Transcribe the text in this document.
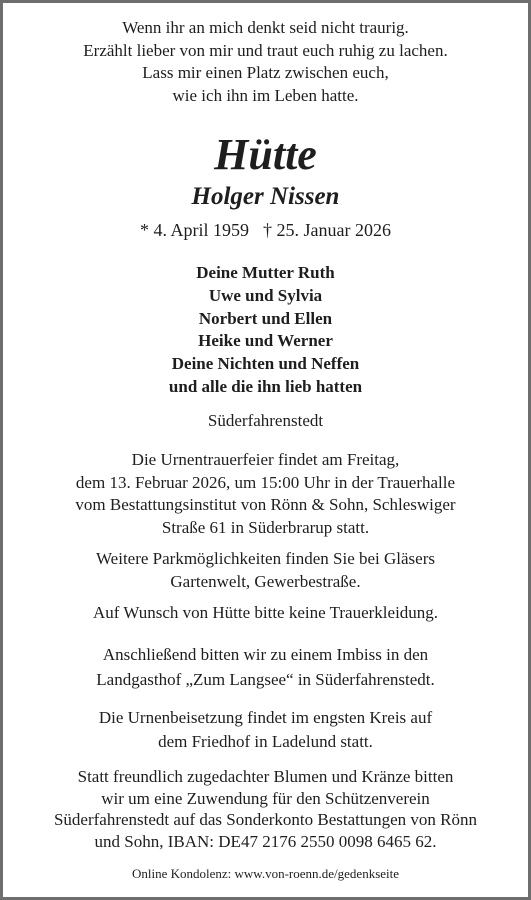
Wenn ihr an mich denkt seid nicht traurig.
Erzählt lieber von mir und traut euch ruhig zu lachen.
Lass mir einen Platz zwischen euch,
wie ich ihn im Leben hatte.
Hütte
Holger Nissen
* 4. April 1959 † 25. Januar 2026
Deine Mutter Ruth
Uwe und Sylvia
Norbert und Ellen
Heike und Werner
Deine Nichten und Neffen
und alle die ihn lieb hatten
Süderfahrenstedt
Die Urnentrauerfeier findet am Freitag,
dem 13. Februar 2026, um 15:00 Uhr in der Trauerhalle
vom Bestattungsinstitut von Rönn & Sohn, Schleswiger
Straße 61 in Süderbrarup statt.
Weitere Parkmöglichkeiten finden Sie bei Gläsers
Gartenwelt, Gewerbestraße.
Auf Wunsch von Hütte bitte keine Trauerkleidung.
Anschließend bitten wir zu einem Imbiss in den
Landgasthof „Zum Langsee“ in Süderfahrenstedt.
Die Urnenbeisetzung findet im engsten Kreis auf
dem Friedhof in Ladelund statt.
Statt freundlich zugedachter Blumen und Kränze bitten
wir um eine Zuwendung für den Schützenverein
Süderfahrenstedt auf das Sonderkonto Bestattungen von Rönn
und Sohn, IBAN: DE47 2176 2550 0098 6465 62.
Online Kondolenz: www.von-roenn.de/gedenkseite
